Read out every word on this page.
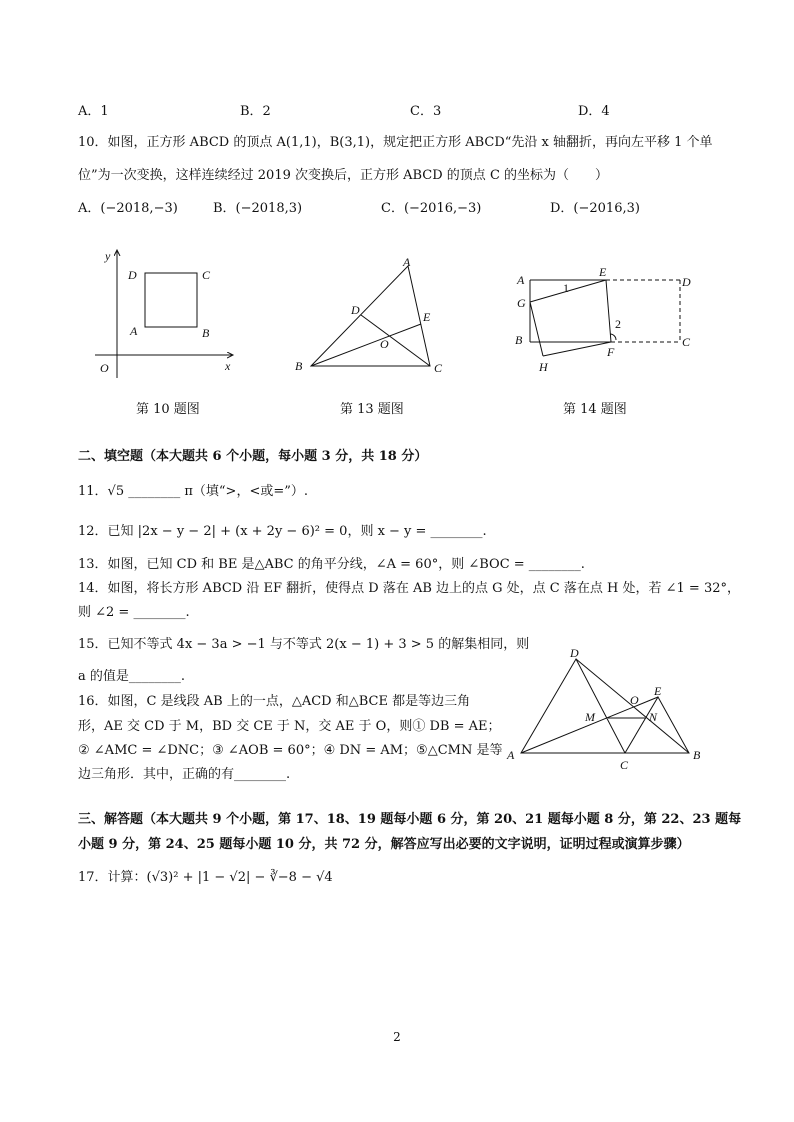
A．1	B．2	C．3	D．4
10．如图，正方形 ABCD 的顶点 A(1,1)，B(3,1)，规定把正方形 ABCD“先沿 x 轴翻折，再向左平移 1 个单
位”为一次变换，这样连续经过 2019 次变换后，正方形 ABCD 的顶点 C 的坐标为（　　）
A．(−2018,−3)	B．(−2018,3)	C．(−2016,−3)	D．(−2016,3)
y
D	C
A	B
O	x
第 10 题图
A
D	E
O
B	C
第 13 题图
A
E
D
G
1
2
B
F
C
H
第 14 题图
二、填空题（本大题共 6 个小题，每小题 3 分，共 18 分）
11．√5 ________ π（填“>，<或=”）.
12．已知 |2x − y − 2| + (x + 2y − 6)² = 0，则 x − y = ________.
13．如图，已知 CD 和 BE 是△ABC 的角平分线，∠A = 60°，则 ∠BOC = ________.
14．如图，将长方形 ABCD 沿 EF 翻折，使得点 D 落在 AB 边上的点 G 处，点 C 落在点 H 处，若 ∠1 = 32°，
则 ∠2 = ________.
15．已知不等式 4x − 3a > −1 与不等式 2(x − 1) + 3 > 5 的解集相同，则
a 的值是________.
16．如图，C 是线段 AB 上的一点，△ACD 和△BCE 都是等边三角
形，AE 交 CD 于 M，BD 交 CE 于 N，交 AE 于 O，则① DB = AE；
② ∠AMC = ∠DNC；③ ∠AOB = 60°；④ DN = AM；⑤△CMN 是等
边三角形．其中，正确的有________.
D
O
E
M	N
A
C
B
三、解答题（本大题共 9 个小题，第 17、18、19 题每小题 6 分，第 20、21 题每小题 8 分，第 22、23 题每
小题 9 分，第 24、25 题每小题 10 分，共 72 分，解答应写出必要的文字说明，证明过程或演算步骤）
17．计算：(√3)² + |1 − √2| − ∛−8 − √4
2
